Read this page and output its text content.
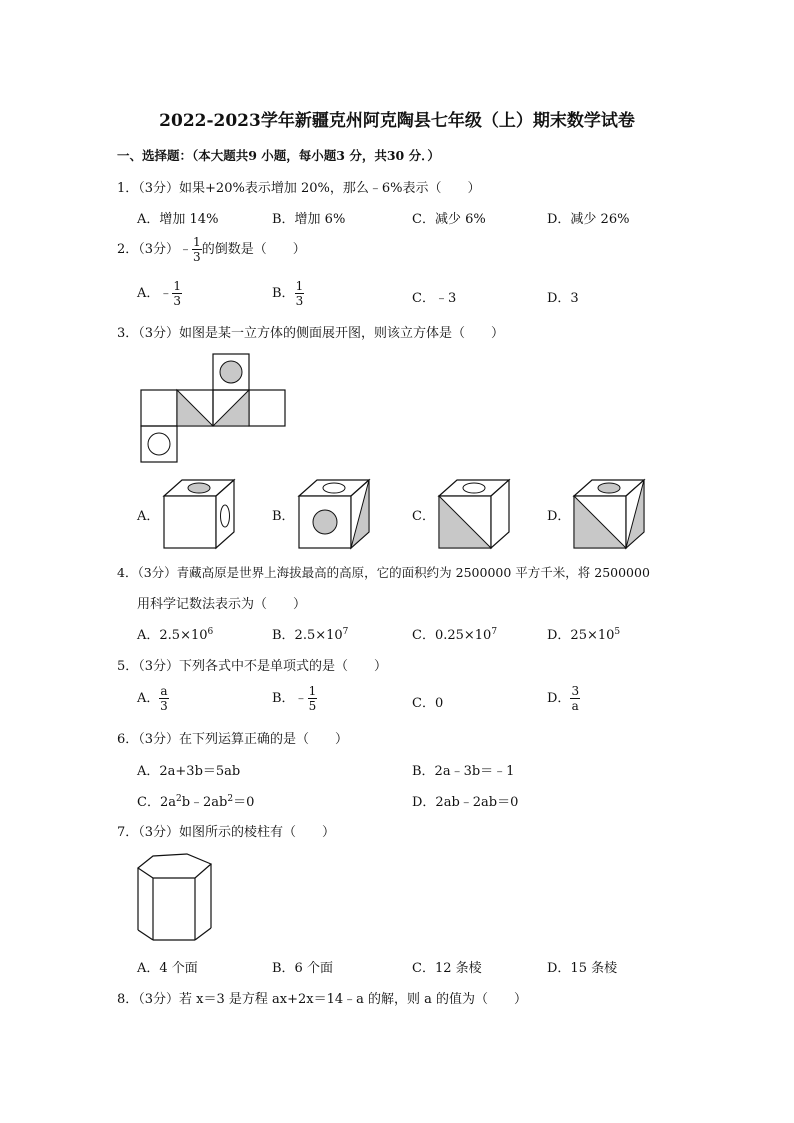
2022-2023学年新疆克州阿克陶县七年级（上）期末数学试卷
一、选择题：（本大题共9 小题，每小题3 分，共30 分．）
1．（3分）如果+20%表示增加 20%，那么﹣6%表示（　　）
A．增加 14%	B．增加 6%	C．减少 6%	D．减少 26%
2．（3分）﹣ $\frac{1}{3}$ 的倒数是（　　）
A．﹣ $\frac{1}{3}$	B． $\frac{1}{3}$	C．﹣3	D．3
3．（3分）如图是某一立方体的侧面展开图，则该立方体是（　　）
A．	B．	C．	D．
4．（3分）青藏高原是世界上海拔最高的高原，它的面积约为 2500000 平方千米，将 2500000
用科学记数法表示为（　　）
A．$2.5\times 10^6$	B．$2.5\times 10^7$	C．$0.25\times 10^7$	D．$25\times 10^5$
5．（3分）下列各式中不是单项式的是（　　）
A． $\frac{a}{3}$	B．﹣ $\frac{1}{5}$	C．0	D． $\frac{3}{a}$
6．（3分）在下列运算正确的是（　　）
A．2a+3b＝5ab	B．2a﹣3b＝﹣1
C．$2a^2b﹣2ab^2=0$	D．2ab﹣2ab＝0
7．（3分）如图所示的棱柱有（　　）
A．4 个面	B．6 个面	C．12 条棱	D．15 条棱
8．（3分）若 x＝3 是方程 ax+2x＝14﹣a 的解，则 a 的值为（　　）
